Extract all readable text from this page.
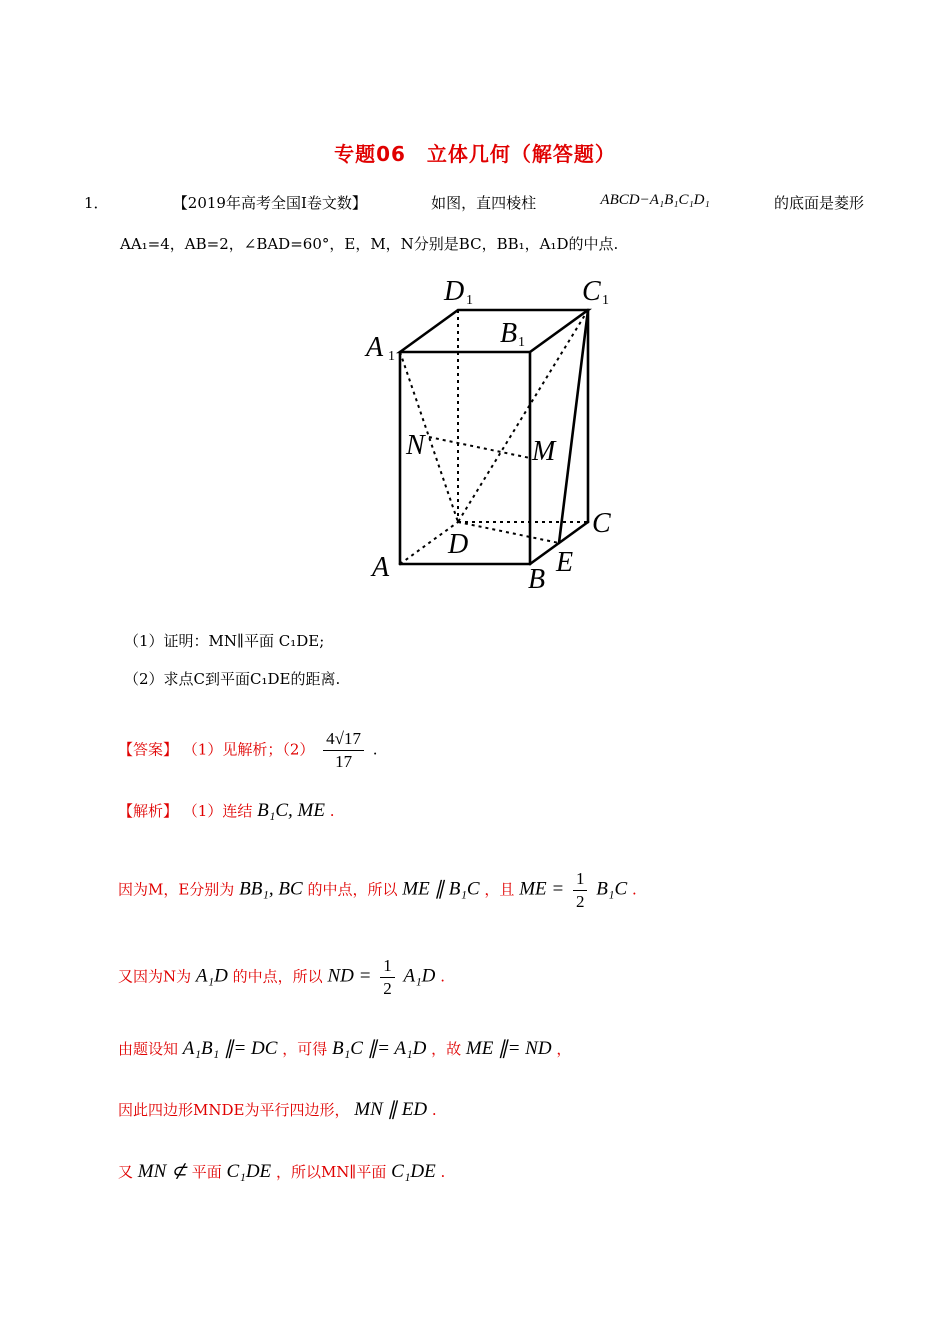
专题06　立体几何（解答题）
1．	【2019年高考全国Ⅰ卷文数】	如图，直四棱柱	ABCD−A₁B₁C₁D₁	的底面是菱形
AA₁=4，AB=2，∠BAD=60°，E，M，N分别是BC，BB₁，A₁D的中点.
A 1
D 1	C 1
B 1
N	M
D
C
E
B
A
（1）证明：MN∥平面 C₁DE;
（2）求点C到平面C₁DE的距离.
【答案】 （1）见解析；$(2) \frac{4√17}{17}$ .
【解析】 （1）连结 B₁C, ME .
因为M，E分别为 BB₁, BC 的中点，所以 ME ∥ B₁C ，且 ME = $\frac{1}{2} B_1C$ .
又因为N为 A₁D 的中点，所以 ND = $\frac{1}{2} A_1D$ .
由题设知 A₁B₁ ∥= DC ，可得 B₁C ∥= A₁D ，故 ME ∥= ND ，
因此四边形MNDE为平行四边形， MN ∥ ED .
又 MN ⊄ 平面 C₁DE ，所以MN∥平面 C₁DE .
